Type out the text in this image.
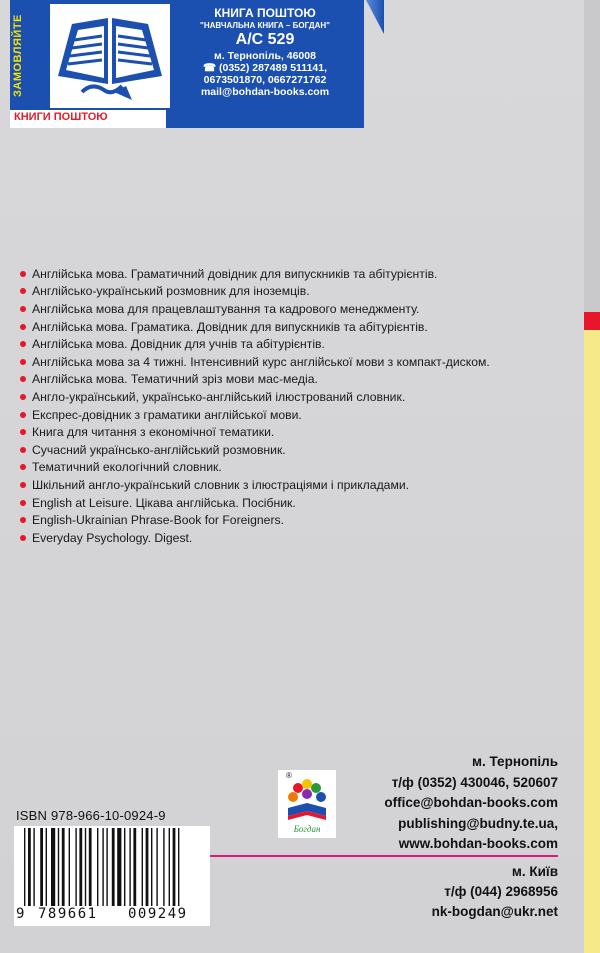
ЗАМОВЛЯЙТЕ
КНИГИ ПОШТОЮ
КНИГА ПОШТОЮ
"НАВЧАЛЬНА КНИГА – БОГДАН"
А/С 529
м. Тернопіль, 46008
☎ (0352) 287489 511141,
0673501870, 0667271762
mail@bohdan-books.com
Англійська мова. Граматичний довідник для випускників та абітурієнтів.
Англійсько-український розмовник для іноземців.
Англійська мова для працевлаштування та кадрового менеджменту.
Англійська мова. Граматика. Довідник для випускників та абітурієнтів.
Англійська мова. Довідник для учнів та абітурієнтів.
Англійська мова за 4 тижні. Інтенсивний курс англійської мови з компакт-диском.
Англійська мова. Тематичний зріз мови мас-медіа.
Англо-український, українсько-англійський ілюстрований словник.
Експрес-довідник з граматики англійської мови.
Книга для читання з економічної тематики.
Сучасний українсько-англійський розмовник.
Тематичний екологічний словник.
Шкільний англо-український словник з ілюстраціями і прикладами.
English at Leisure. Цікава англійська. Посібник.
English-Ukrainian Phrase-Book for Foreigners.
Everyday Psychology. Digest.
®
Богдан
м. Тернопіль
т/ф (0352) 430046, 520607
office@bohdan-books.com
publishing@budny.te.ua,
www.bohdan-books.com
м. Київ
т/ф (044) 2968956
nk-bogdan@ukr.net
ISBN 978-966-10-0924-9
9 789661 009249
